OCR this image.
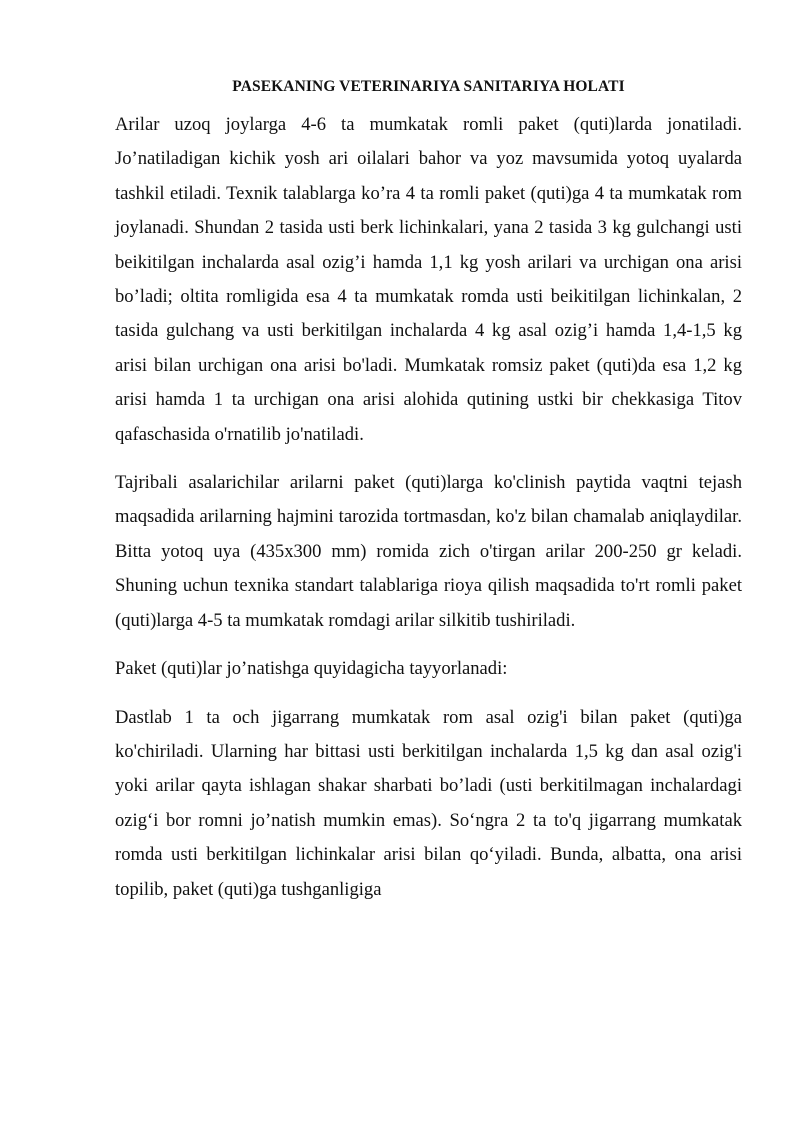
PASEKANING VETERINARIYA SANITARIYA HOLATI

Arilar uzoq joylarga 4-6 ta mumkatak romli paket (quti)larda jonatiladi. Jo’natiladigan kichik yosh ari oilalari bahor va yoz mavsumida yotoq uyalarda tashkil etiladi. Texnik talablarga ko’ra 4 ta romli paket (quti)ga 4 ta mumkatak rom joylanadi. Shundan 2 tasida usti berk lichinkalari, yana 2 tasida 3 kg gulchangi usti beikitilgan inchalarda asal ozig’i hamda 1,1 kg yosh arilari va urchigan ona arisi bo’ladi; oltita romligida esa 4 ta mumkatak romda usti beikitilgan lichinkalan, 2 tasida gulchang va usti berkitilgan inchalarda 4 kg asal ozig’i hamda 1,4-1,5 kg arisi bilan urchigan ona arisi bo'ladi. Mumkatak romsiz paket (quti)da esa 1,2 kg arisi hamda 1 ta urchigan ona arisi alohida qutining ustki bir chekkasiga Titov qafaschasida o'rnatilib jo'natiladi.

Tajribali asalarichilar arilarni paket (quti)larga ko'clinish paytida vaqtni tejash maqsadida arilarning hajmini tarozida tortmasdan, ko'z bilan chamalab aniqlaydilar. Bitta yotoq uya (435x300 mm) romida zich o'tirgan arilar 200-250 gr keladi. Shuning uchun texnika standart talablariga rioya qilish maqsadida to'rt romli paket (quti)larga 4-5 ta mumkatak romdagi arilar silkitib tushiriladi.

Paket (quti)lar jo’natishga quyidagicha tayyorlanadi:

Dastlab 1 ta och jigarrang mumkatak rom asal ozig'i bilan paket (quti)ga ko'chiriladi. Ularning har bittasi usti berkitilgan inchalarda 1,5 kg dan asal ozig'i yoki arilar qayta ishlagan shakar sharbati bo’ladi (usti berkitilmagan inchalardagi ozig‘i bor romni jo’natish mumkin emas). So‘ngra 2 ta to'q jigarrang mumkatak romda usti berkitilgan lichinkalar arisi bilan qo‘yiladi. Bunda, albatta, ona arisi topilib, paket (quti)ga tushganligiga
